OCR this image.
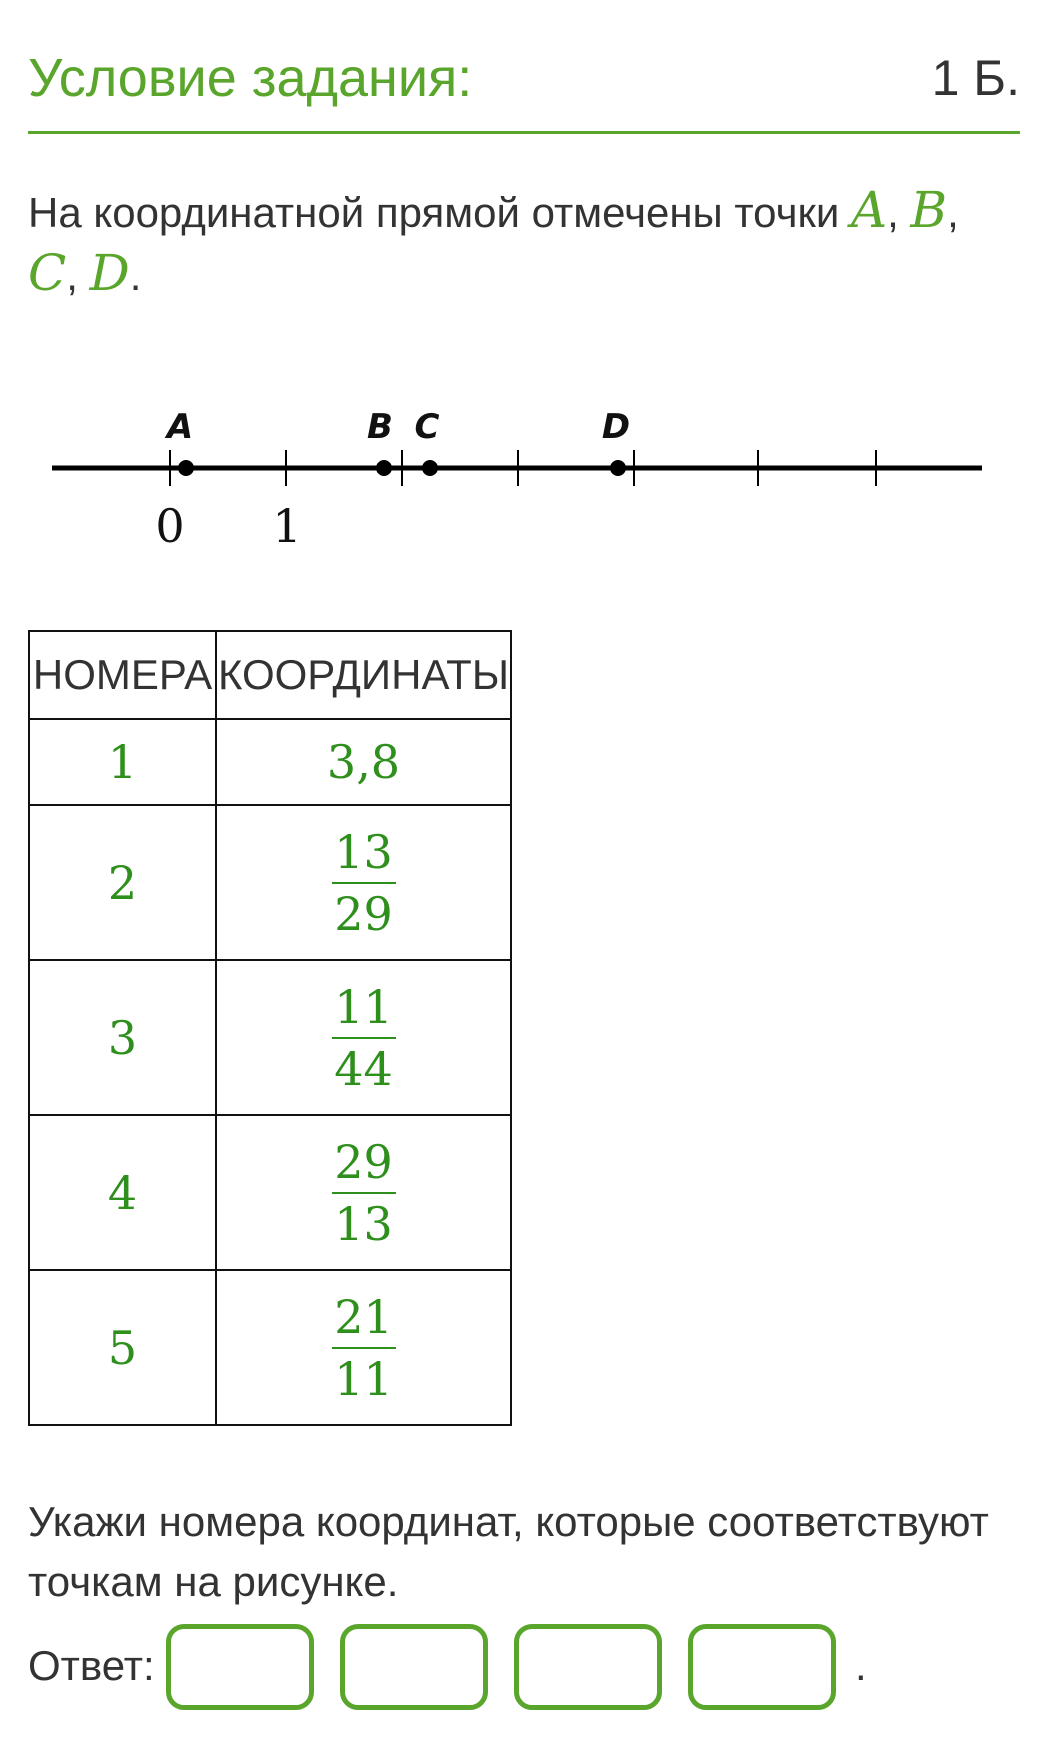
Условие задания:	1 Б.
На координатной прямой отмечены точки A, B, C, D.
A	B C	D
0 1
НОМЕРА	КООРДИНАТЫ
1	3,8
2	$\frac{13}{29}$

3	$\frac{11}{44}$

4	$\frac{29}{13}$

5	$\frac{21}{11}$
Укажи номера координат, которые соответствуют точкам на рисунке.
Ответ:	.
